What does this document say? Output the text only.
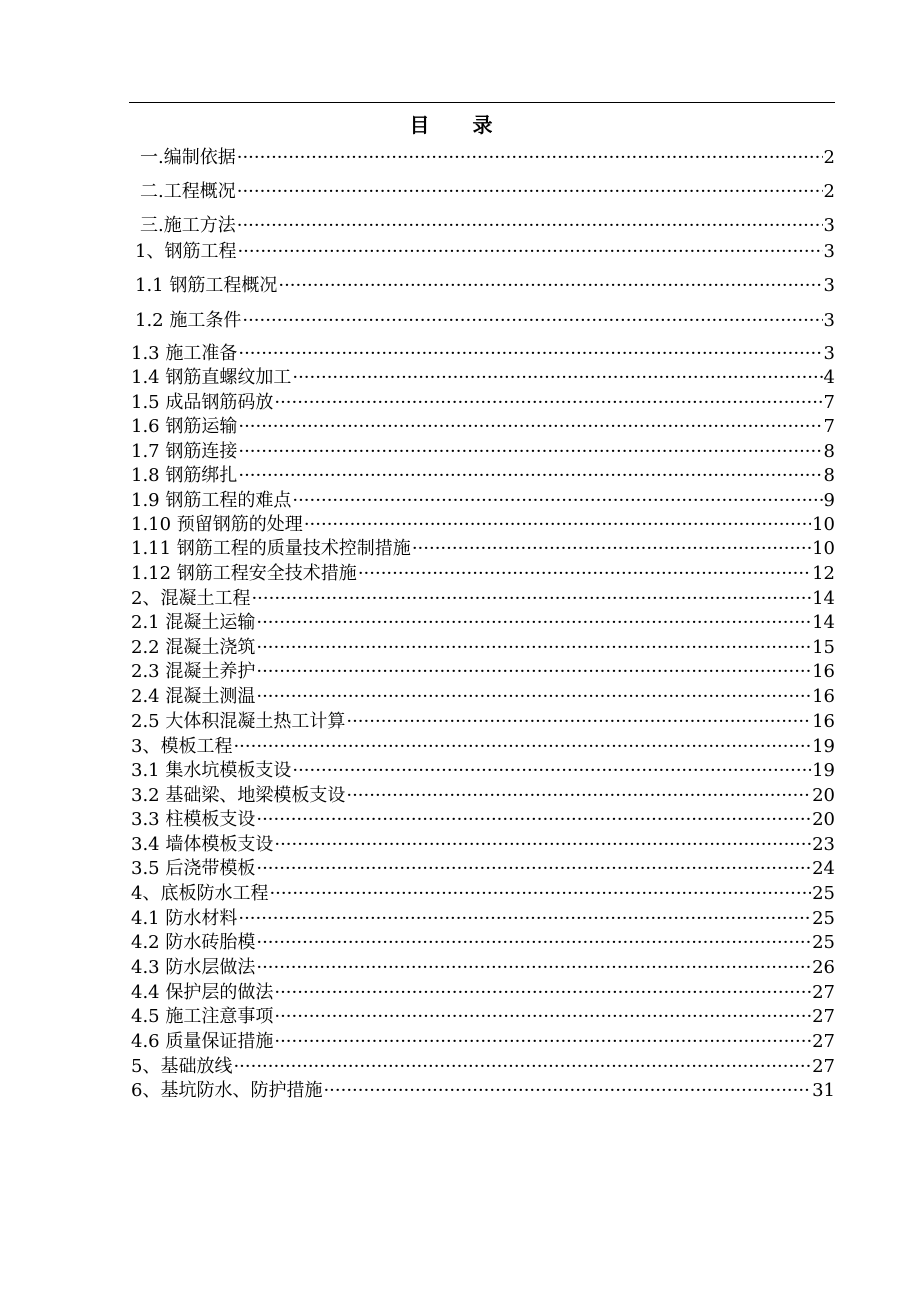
目 录
一.编制依据 ·····	2
二.工程概况 ·····	2
三.施工方法 ·····	3
1、钢筋工程 ·····	3
1.1 钢筋工程概况 ·····	3
1.2 施工条件 ·····	3
1.3 施工准备 ·····	3
1.4 钢筋直螺纹加工 ·····	4
1.5 成品钢筋码放 ·····	7
1.6 钢筋运输 ·····	7
1.7 钢筋连接 ·····	8
1.8 钢筋绑扎 ·····	8
1.9 钢筋工程的难点 ·····	9
1.10 预留钢筋的处理 ·····	10
1.11 钢筋工程的质量技术控制措施 ·····	10
1.12 钢筋工程安全技术措施 ·····	12
2、混凝土工程 ·····	14
2.1 混凝土运输 ·····	14
2.2 混凝土浇筑 ·····	15
2.3 混凝土养护 ·····	16
2.4 混凝土测温 ·····	16
2.5 大体积混凝土热工计算 ·····	16
3、模板工程 ·····	19
3.1 集水坑模板支设 ·····	19
3.2 基础梁、地梁模板支设 ·····	20
3.3 柱模板支设 ·····	20
3.4 墙体模板支设 ·····	23
3.5 后浇带模板 ·····	24
4、底板防水工程 ·····	25
4.1 防水材料 ·····	25
4.2 防水砖胎模 ·····	25
4.3 防水层做法 ·····	26
4.4 保护层的做法 ·····	27
4.5 施工注意事项 ·····	27
4.6 质量保证措施 ·····	27
5、基础放线 ·····	27
6、基坑防水、防护措施 ·····	31
